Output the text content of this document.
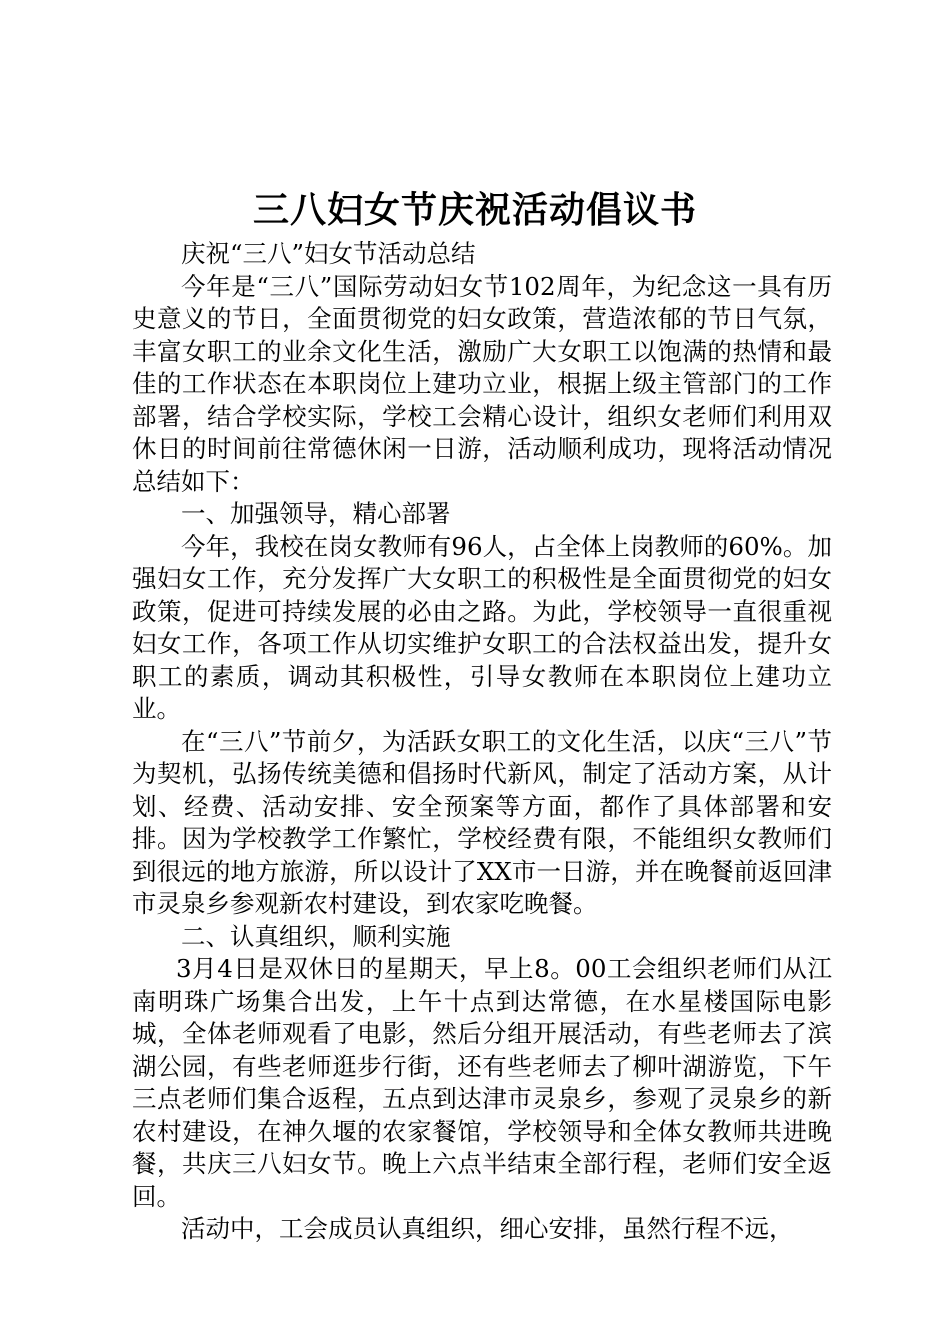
三八妇女节庆祝活动倡议书

庆祝“三八”妇女节活动总结

今年是“三八”国际劳动妇女节102周年，为纪念这一具有历史意义的节日，全面贯彻党的妇女政策，营造浓郁的节日气氛，丰富女职工的业余文化生活，激励广大女职工以饱满的热情和最佳的工作状态在本职岗位上建功立业，根据上级主管部门的工作部署，结合学校实际，学校工会精心设计，组织女老师们利用双休日的时间前往常德休闲一日游，活动顺利成功，现将活动情况总结如下：

一、加强领导，精心部署

今年，我校在岗女教师有96人，占全体上岗教师的60%。加强妇女工作，充分发挥广大女职工的积极性是全面贯彻党的妇女政策，促进可持续发展的必由之路。为此，学校领导一直很重视妇女工作，各项工作从切实维护女职工的合法权益出发，提升女职工的素质，调动其积极性，引导女教师在本职岗位上建功立业。

在“三八”节前夕，为活跃女职工的文化生活，以庆“三八”节为契机，弘扬传统美德和倡扬时代新风，制定了活动方案，从计划、经费、活动安排、安全预案等方面，都作了具体部署和安排。因为学校教学工作繁忙，学校经费有限，不能组织女教师们到很远的地方旅游，所以设计了XX市一日游，并在晚餐前返回津市灵泉乡参观新农村建设，到农家吃晚餐。

二、认真组织，顺利实施

3月4日是双休日的星期天，早上8。00工会组织老师们从江南明珠广场集合出发，上午十点到达常德，在水星楼国际电影城，全体老师观看了电影，然后分组开展活动，有些老师去了滨湖公园，有些老师逛步行街，还有些老师去了柳叶湖游览，下午三点老师们集合返程，五点到达津市灵泉乡，参观了灵泉乡的新农村建设，在神久堰的农家餐馆，学校领导和全体女教师共进晚餐，共庆三八妇女节。晚上六点半结束全部行程，老师们安全返回。

活动中，工会成员认真组织，细心安排，虽然行程不远，
